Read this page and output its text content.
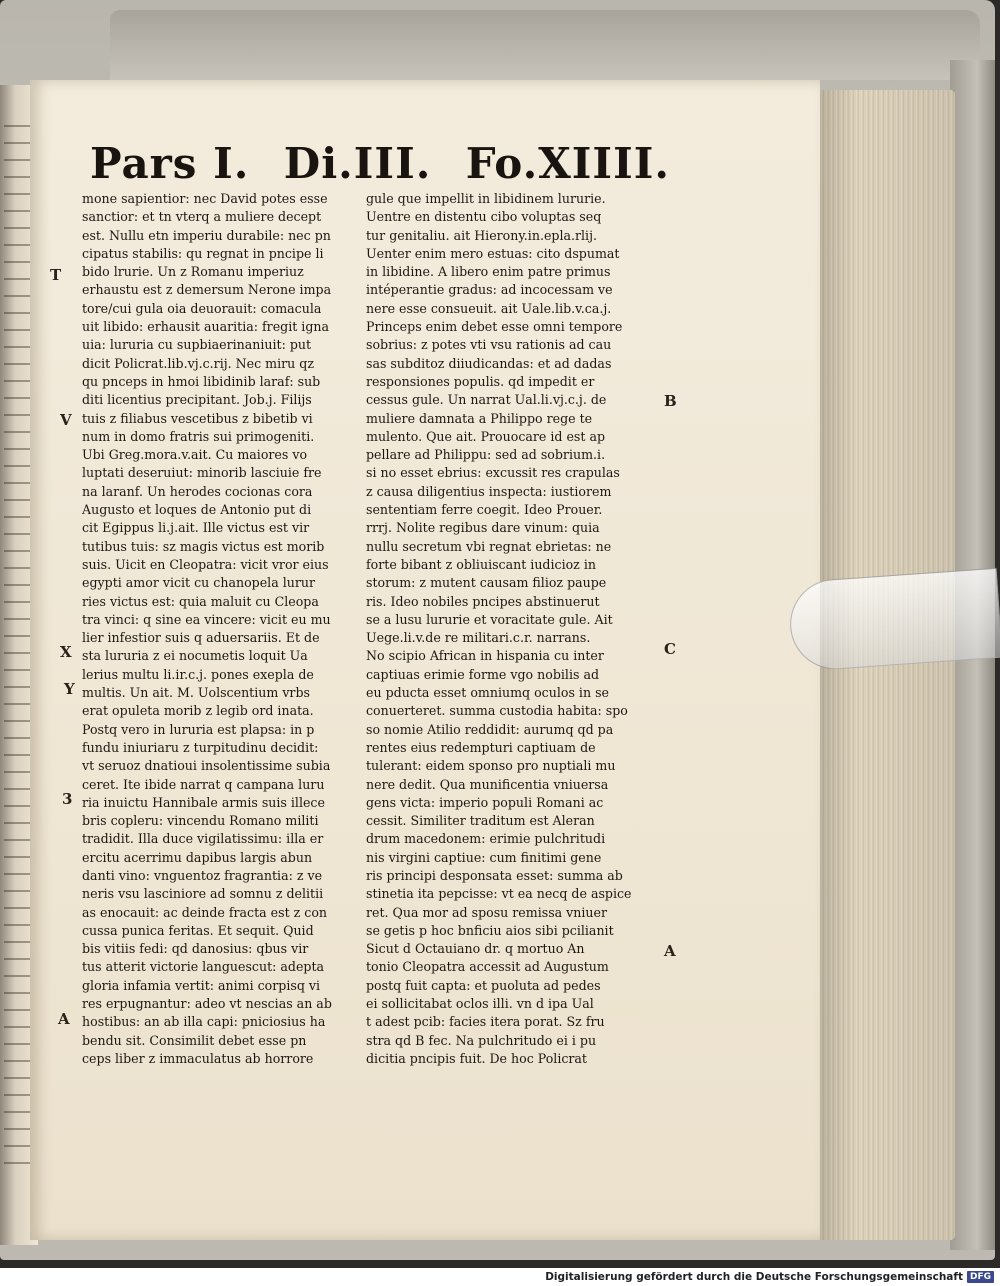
Pars I. Di.III. Fo.XIIII.
mone sapientior: nec David potes esse
sanctior: et tn vterq a muliere decept
est. Nullu etn imperiu durabile: nec pn
cipatus stabilis: qu regnat in pncipe li
bido lrurie. Un z Romanu imperiuz
erhaustu est z demersum Nerone impa
tore/cui gula oia deuorauit: comacula
uit libido: erhausit auaritia: fregit igna
uia: lururia cu supbiaerinaniuit: put
dicit Policrat.lib.vj.c.rij. Nec miru qz
qu pnceps in hmoi libidinib laraf: sub
diti licentius precipitant. Job.j. Filijs
tuis z filiabus vescetibus z bibetib vi
num in domo fratris sui primogeniti.
Ubi Greg.mora.v.ait. Cu maiores vo
luptati deseruiut: minorib lasciuie fre
na laranf. Un herodes cocionas cora
Augusto et loques de Antonio put di
cit Egippus li.j.ait. Ille victus est vir
tutibus tuis: sz magis victus est morib
suis. Uicit en Cleopatra: vicit vror eius
egypti amor vicit cu chanopela lurur
ries victus est: quia maluit cu Cleopa
tra vinci: q sine ea vincere: vicit eu mu
lier infestior suis q aduersariis. Et de
sta lururia z ei nocumetis loquit Ua
lerius multu li.ir.c.j. pones exepla de
multis. Un ait. M. Uolscentium vrbs
erat opuleta morib z legib ord inata.
Postq vero in lururia est plapsa: in p
fundu iniuriaru z turpitudinu decidit:
vt seruoz dnatioui insolentissime subia
ceret. Ite ibide narrat q campana luru
ria inuictu Hannibale armis suis illece
bris copleru: vincendu Romano militi
tradidit. Illa duce vigilatissimu: illa er
ercitu acerrimu dapibus largis abun
danti vino: vnguentoz fragrantia: z ve
neris vsu lasciniore ad somnu z delitii
as enocauit: ac deinde fracta est z con
cussa punica feritas. Et sequit. Quid
bis vitiis fedi: qd danosius: qbus vir
tus atterit victorie languescut: adepta
gloria infamia vertit: animi corpisq vi
res erpugnantur: adeo vt nescias an ab
hostibus: an ab illa capi: pniciosius ha
bendu sit. Consimilit debet esse pn
ceps liber z immaculatus ab horrore
gule que impellit in libidinem lururie.
Uentre en distentu cibo voluptas seq
tur genitaliu. ait Hierony.in.epla.rlij.
Uenter enim mero estuas: cito dspumat
in libidine. A libero enim patre primus
intéperantie gradus: ad incocessam ve
nere esse consueuit. ait Uale.lib.v.ca.j.
Princeps enim debet esse omni tempore
sobrius: z potes vti vsu rationis ad cau
sas subditoz diiudicandas: et ad dadas
responsiones populis. qd impedit er
cessus gule. Un narrat Ual.li.vj.c.j. de
muliere damnata a Philippo rege te
mulento. Que ait. Prouocare id est ap
pellare ad Philippu: sed ad sobrium.i.
si no esset ebrius: excussit res crapulas
z causa diligentius inspecta: iustiorem
sententiam ferre coegit. Ideo Prouer.
rrrj. Nolite regibus dare vinum: quia
nullu secretum vbi regnat ebrietas: ne
forte bibant z obliuiscant iudicioz in
storum: z mutent causam filioz paupe
ris. Ideo nobiles pncipes abstinuerut
se a lusu lururie et voracitate gule. Ait
Uege.li.v.de re militari.c.r. narrans.
No scipio African in hispania cu inter
captiuas erimie forme vgo nobilis ad
eu pducta esset omniumq oculos in se
conuerteret. summa custodia habita: spo
so nomie Atilio reddidit: aurumq qd pa
rentes eius redempturi captiuam de
tulerant: eidem sponso pro nuptiali mu
nere dedit. Qua munificentia vniuersa
gens victa: imperio populi Romani ac
cessit. Similiter traditum est Aleran
drum macedonem: erimie pulchritudi
nis virgini captiue: cum finitimi gene
ris principi desponsata esset: summa ab
stinetia ita pepcisse: vt ea necq de aspice
ret. Qua mor ad sposu remissa vniuer
se getis p hoc bnficiu aios sibi pcilianit
Sicut d Octauiano dr. q mortuo An
tonio Cleopatra accessit ad Augustum
postq fuit capta: et puoluta ad pedes
ei sollicitabat oclos illi. vn d ipa Ual
t adest pcib: facies itera porat. Sz fru
stra qd B fec. Na pulchritudo ei i pu
dicitia pncipis fuit. De hoc Policrat
T
V
X
Y
3
A
B
C
A
Digitalisierung gefördert durch die Deutsche Forschungsgemeinschaft DFG
